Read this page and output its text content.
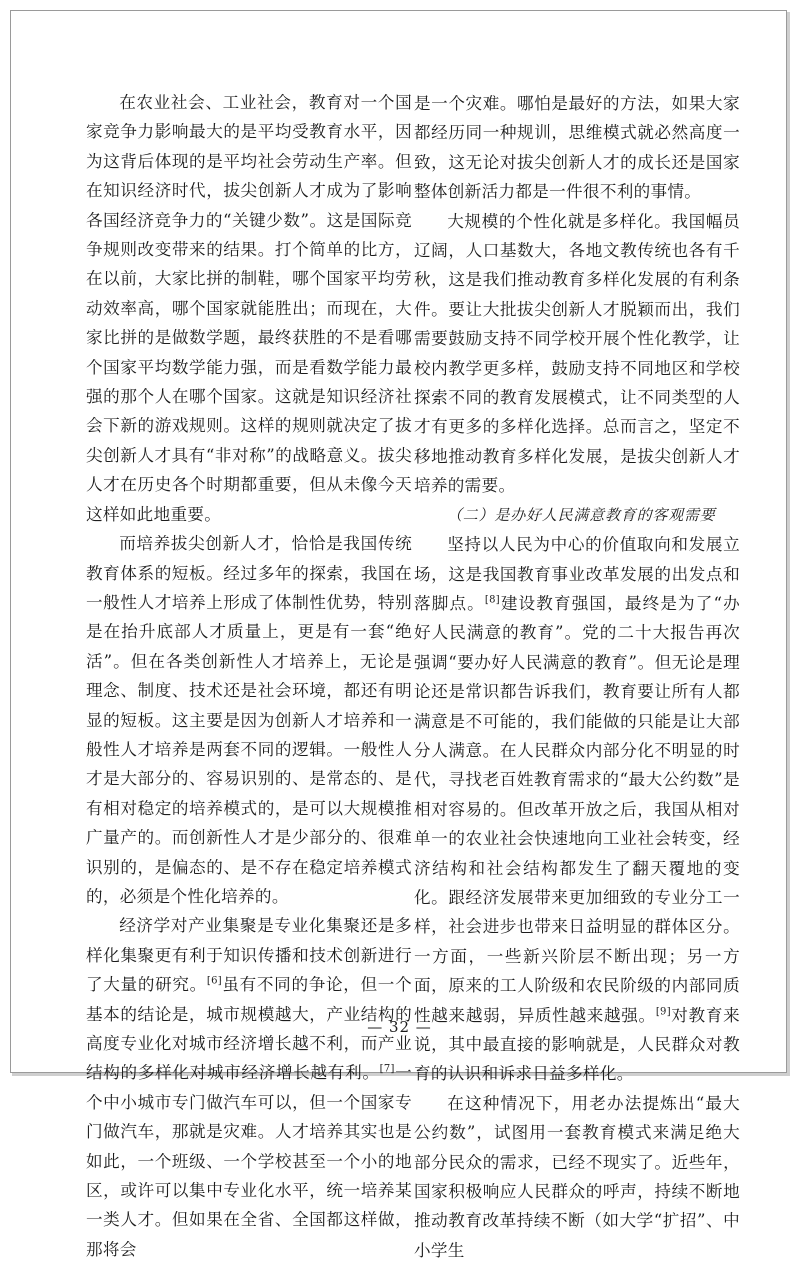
在农业社会、工业社会，教育对一个国家竞争力影响最大的是平均受教育水平，因为这背后体现的是平均社会劳动生产率。但在知识经济时代，拔尖创新人才成为了影响各国经济竞争力的“关键少数”。这是国际竞争规则改变带来的结果。打个简单的比方，在以前，大家比拼的制鞋，哪个国家平均劳动效率高，哪个国家就能胜出；而现在，大家比拼的是做数学题，最终获胜的不是看哪个国家平均数学能力强，而是看数学能力最强的那个人在哪个国家。这就是知识经济社会下新的游戏规则。这样的规则就决定了拔尖创新人才具有“非对称”的战略意义。拔尖人才在历史各个时期都重要，但从未像今天这样如此地重要。

而培养拔尖创新人才，恰恰是我国传统教育体系的短板。经过多年的探索，我国在一般性人才培养上形成了体制性优势，特别是在抬升底部人才质量上，更是有一套“绝活”。但在各类创新性人才培养上，无论是理念、制度、技术还是社会环境，都还有明显的短板。这主要是因为创新人才培养和一般性人才培养是两套不同的逻辑。一般性人才是大部分的、容易识别的、是常态的、是有相对稳定的培养模式的，是可以大规模推广量产的。而创新性人才是少部分的、很难识别的，是偏态的、是不存在稳定培养模式的，必须是个性化培养的。

经济学对产业集聚是专业化集聚还是多样化集聚更有利于知识传播和技术创新进行了大量的研究。[6]虽有不同的争论，但一个基本的结论是，城市规模越大，产业结构的高度专业化对城市经济增长越不利，而产业结构的多样化对城市经济增长越有利。[7]一个中小城市专门做汽车可以，但一个国家专门做汽车，那就是灾难。人才培养其实也是如此，一个班级、一个学校甚至一个小的地区，或许可以集中专业化水平，统一培养某一类人才。但如果在全省、全国都这样做，那将会

是一个灾难。哪怕是最好的方法，如果大家都经历同一种规训，思维模式就必然高度一致，这无论对拔尖创新人才的成长还是国家整体创新活力都是一件很不利的事情。

大规模的个性化就是多样化。我国幅员辽阔，人口基数大，各地文教传统也各有千秋，这是我们推动教育多样化发展的有利条件。要让大批拔尖创新人才脱颖而出，我们需要鼓励支持不同学校开展个性化教学，让校内教学更多样，鼓励支持不同地区和学校探索不同的教育发展模式，让不同类型的人才有更多的多样化选择。总而言之，坚定不移地推动教育多样化发展，是拔尖创新人才培养的需要。

（二）是办好人民满意教育的客观需要

坚持以人民为中心的价值取向和发展立场，这是我国教育事业改革发展的出发点和落脚点。[8]建设教育强国，最终是为了“办好人民满意的教育”。党的二十大报告再次强调“要办好人民满意的教育”。但无论是理论还是常识都告诉我们，教育要让所有人都满意是不可能的，我们能做的只能是让大部分人满意。在人民群众内部分化不明显的时代，寻找老百姓教育需求的“最大公约数”是相对容易的。但改革开放之后，我国从相对单一的农业社会快速地向工业社会转变，经济结构和社会结构都发生了翻天覆地的变化。跟经济发展带来更加细致的专业分工一样，社会进步也带来日益明显的群体区分。一方面，一些新兴阶层不断出现；另一方面，原来的工人阶级和农民阶级的内部同质性越来越弱，异质性越来越强。[9]对教育来说，其中最直接的影响就是，人民群众对教育的认识和诉求日益多样化。

在这种情况下，用老办法提炼出“最大公约数”，试图用一套教育模式来满足绝大部分民众的需求，已经不现实了。近些年，国家积极响应人民群众的呼声，持续不断地推动教育改革持续不断（如大学“扩招”、中小学生

— 32 —
